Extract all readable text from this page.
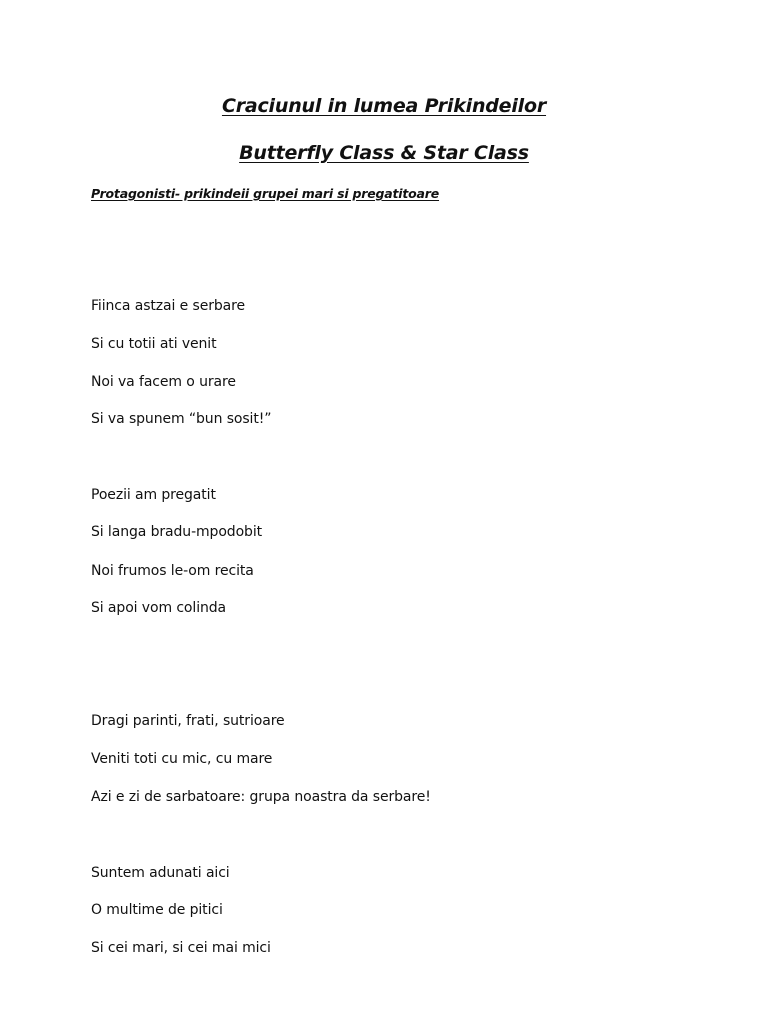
Craciunul in lumea Prikindeilor
Butterfly Class & Star Class
Protagonisti- prikindeii grupei mari si pregatitoare
Fiinca astzai e serbare
Si cu totii ati venit
Noi va facem o urare
Si va spunem “bun sosit!”
Poezii am pregatit
Si langa bradu-mpodobit
Noi frumos le-om recita
Si apoi vom colinda
Dragi parinti, frati, sutrioare
Veniti toti cu mic, cu mare
Azi e zi de sarbatoare: grupa noastra da serbare!
Suntem adunati aici
O multime de pitici
Si cei mari, si cei mai mici
